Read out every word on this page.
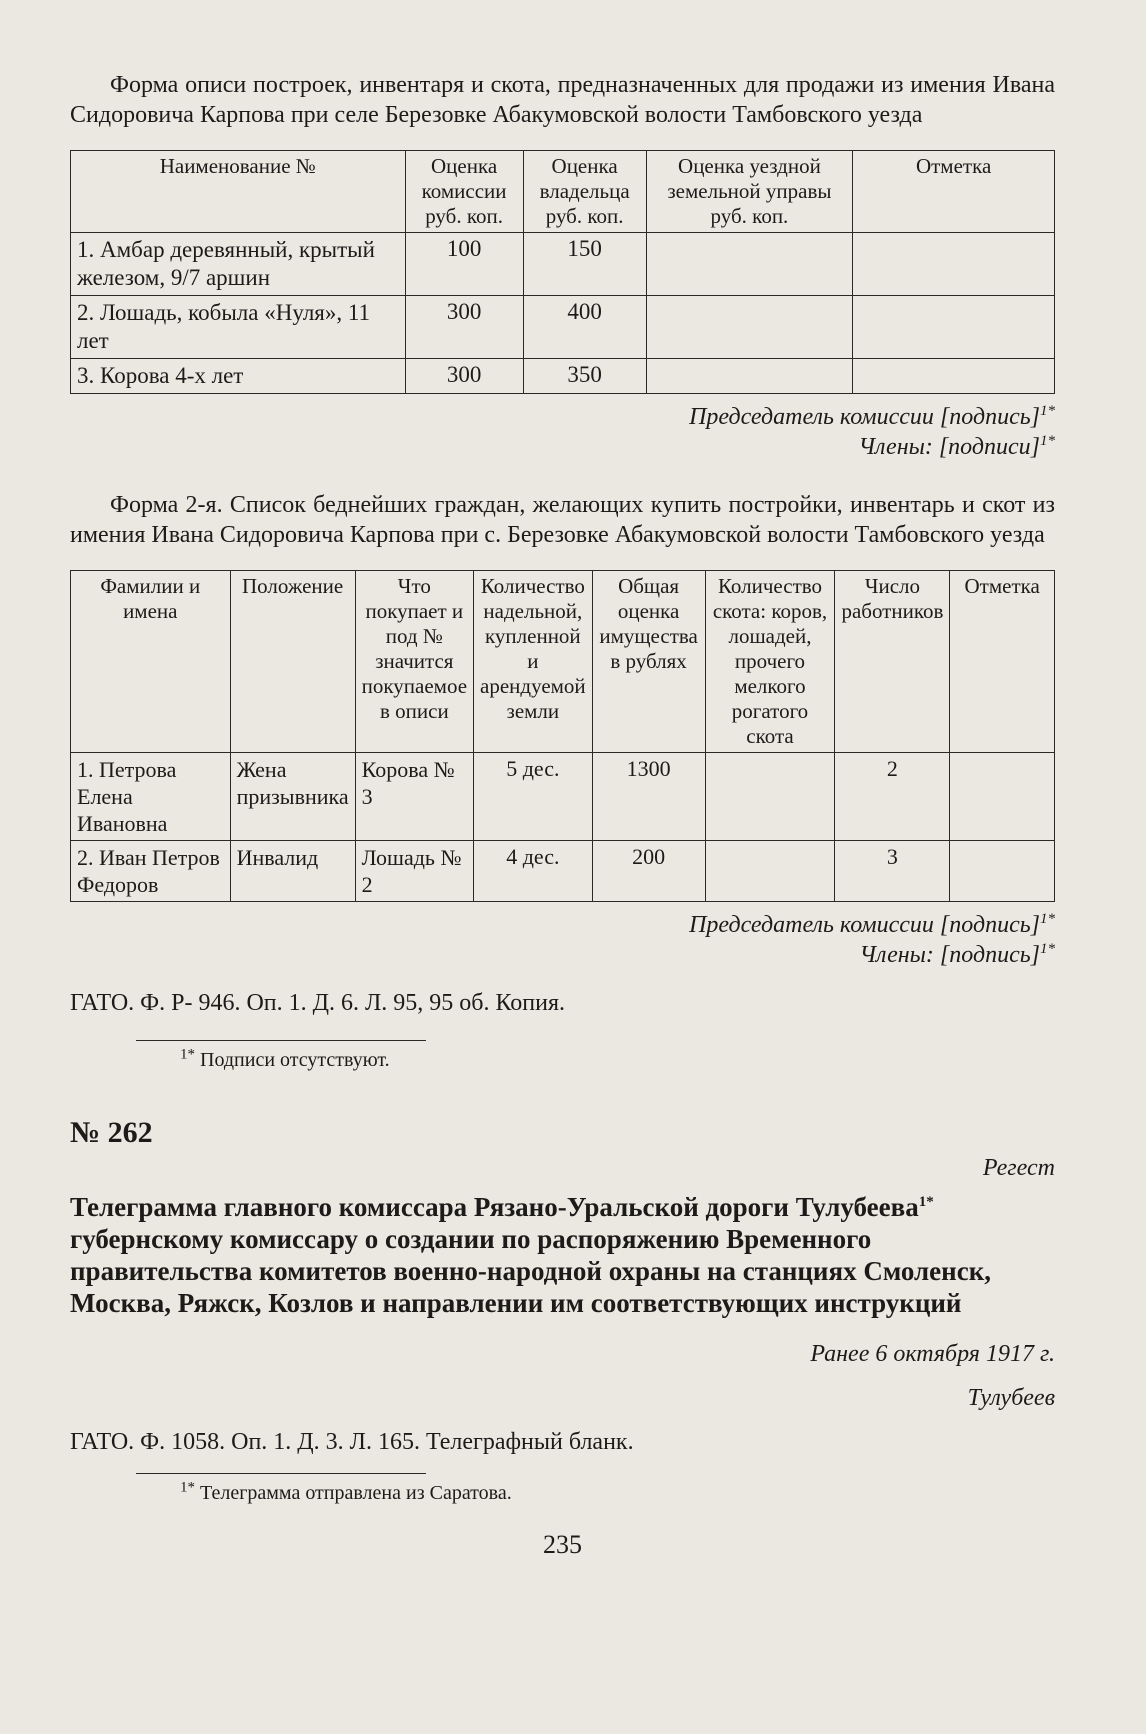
Форма описи построек, инвентаря и скота, предназначенных для продажи из имения Ивана Сидоровича Карпова при селе Березовке Абакумовской волости Тамбовского уезда

Наименование №	Оценка комиссии руб. коп.	Оценка владельца руб. коп.	Оценка уездной земельной управы руб. коп.	Отметка
1. Амбар деревянный, крытый железом, 9/7 аршин	100	150		
2. Лошадь, кобыла «Нуля», 11 лет	300	400		
3. Корова 4-х лет	300	350		

Председатель комиссии [подпись]$^{1*}$

Члены: [подписи]$^{1*}$

Форма 2-я. Список беднейших граждан, желающих купить постройки, инвентарь и скот из имения Ивана Сидоровича Карпова при с. Березовке Абакумовской волости Тамбовского уезда

Фамилии и имена	Положение	Что покупает и под № значится покупаемое в описи	Количество надельной, купленной и арендуемой земли	Общая оценка имущества в рублях	Количество скота: коров, лошадей, прочего мелкого рогатого скота	Число работников	Отметка
1. Петрова Елена Ивановна	Жена призывника	Корова № 3	5 дес.	1300		2	
2. Иван Петров Федоров	Инвалид	Лошадь № 2	4 дес.	200		3	

Председатель комиссии [подпись]$^{1*}$

Члены: [подпись]$^{1*}$

ГАТО. Ф. Р- 946. Оп. 1. Д. 6. Л. 95, 95 об. Копия.

$^{1*}$ Подписи отсутствуют.

№ 262

Регест

Телеграмма главного комиссара Рязано-Уральской дороги Тулубеева$^{1*}$ губернскому комиссару о создании по распоряжению Временного правительства комитетов военно-народной охраны на станциях Смоленск, Москва, Ряжск, Козлов и направлении им соответствующих инструкций

Ранее 6 октября 1917 г.

Тулубеев

ГАТО. Ф. 1058. Оп. 1. Д. 3. Л. 165. Телеграфный бланк.

$^{1*}$ Телеграмма отправлена из Саратова.

235
